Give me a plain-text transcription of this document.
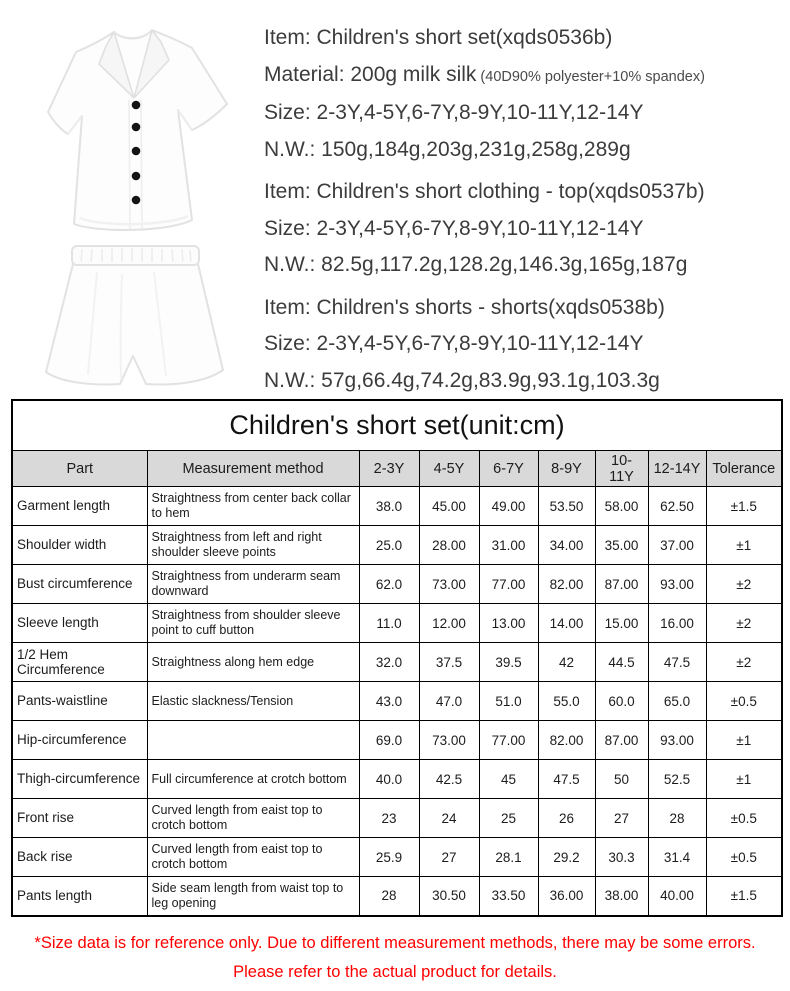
Item: Children's short set(xqds0536b)
Material: 200g milk silk (40D90% polyester+10% spandex)
Size: 2-3Y,4-5Y,6-7Y,8-9Y,10-11Y,12-14Y
N.W.: 150g,184g,203g,231g,258g,289g
Item: Children's short clothing - top(xqds0537b)
Size: 2-3Y,4-5Y,6-7Y,8-9Y,10-11Y,12-14Y
N.W.: 82.5g,117.2g,128.2g,146.3g,165g,187g
Item: Children's shorts - shorts(xqds0538b)
Size: 2-3Y,4-5Y,6-7Y,8-9Y,10-11Y,12-14Y
N.W.: 57g,66.4g,74.2g,83.9g,93.1g,103.3g
Children's short set(unit:cm)								
Part	Measurement method	2-3Y	4-5Y	6-7Y	8-9Y	10-11Y	12-14Y	Tolerance
Garment length	Straightness from center back collar to hem	38.0	45.00	49.00	53.50	58.00	62.50	±1.5
Shoulder width	Straightness from left and right shoulder sleeve points	25.0	28.00	31.00	34.00	35.00	37.00	±1
Bust circumference	Straightness from underarm seam downward	62.0	73.00	77.00	82.00	87.00	93.00	±2
Sleeve length	Straightness from shoulder sleeve point to cuff button	11.0	12.00	13.00	14.00	15.00	16.00	±2
1/2 Hem Circumference	Straightness along hem edge	32.0	37.5	39.5	42	44.5	47.5	±2
Pants-waistline	Elastic slackness/Tension	43.0	47.0	51.0	55.0	60.0	65.0	±0.5
Hip-circumference		69.0	73.00	77.00	82.00	87.00	93.00	±1
Thigh-circumference	Full circumference at crotch bottom	40.0	42.5	45	47.5	50	52.5	±1
Front rise	Curved length from eaist top to crotch bottom	23	24	25	26	27	28	±0.5
Back rise	Curved length from eaist top to crotch bottom	25.9	27	28.1	29.2	30.3	31.4	±0.5
Pants length	Side seam length from waist top to leg opening	28	30.50	33.50	36.00	38.00	40.00	±1.5
*Size data is for reference only. Due to different measurement methods, there may be some errors.
Please refer to the actual product for details.
